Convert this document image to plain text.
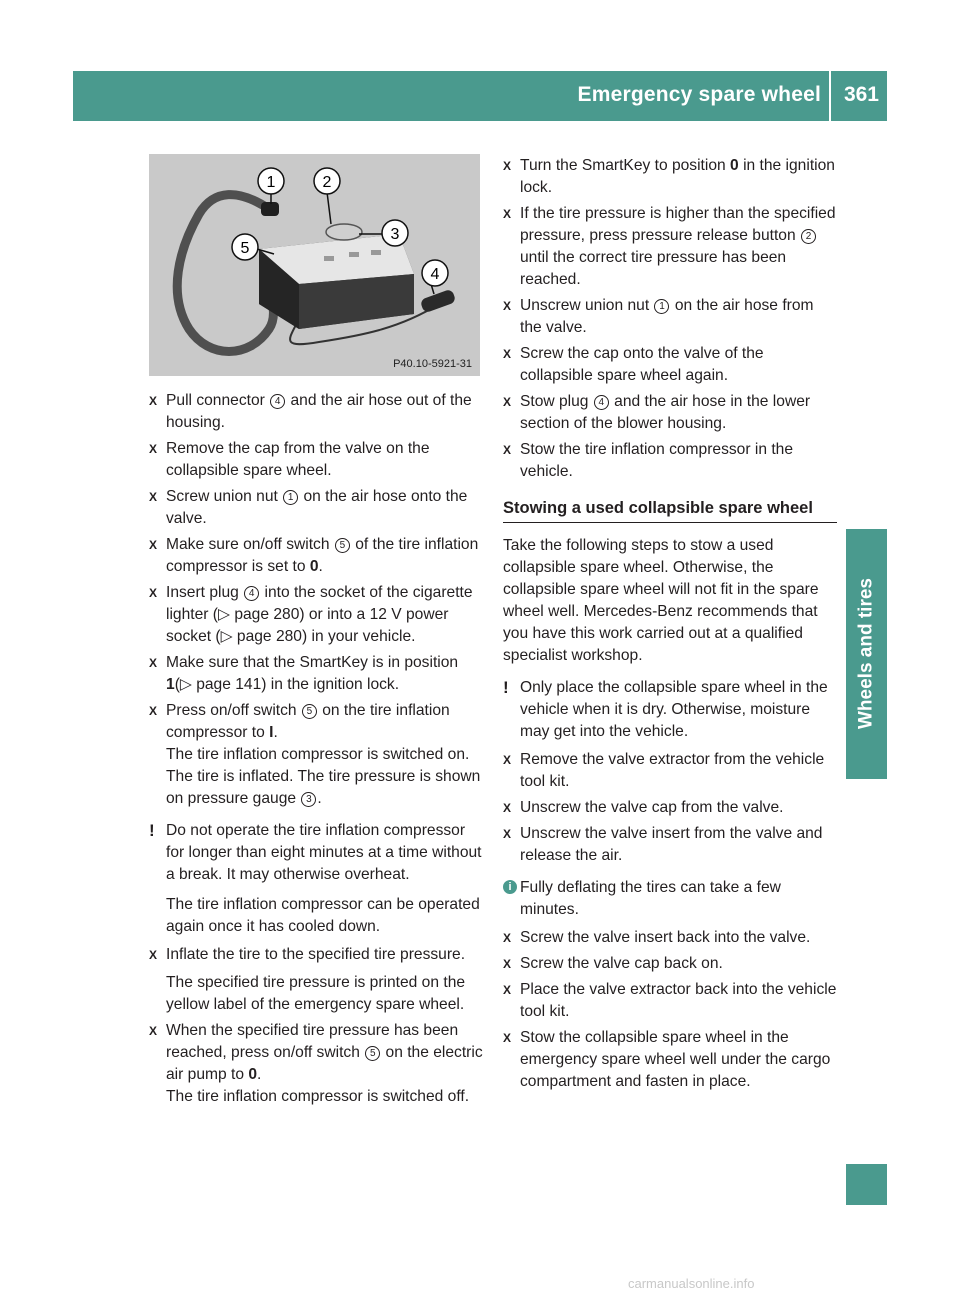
Emergency spare wheel 361
Wheels and tires
1	2
3
4
5
P40.10-5921-31
X Pull connector 4 and the air hose out of the housing.

X Remove the cap from the valve on the collapsible spare wheel.

X Screw union nut 1 on the air hose onto the valve.

X Make sure on/off switch 5 of the tire inflation compressor is set to 0.

X Insert plug 4 into the socket of the cigarette lighter (▷ page 280) or into a 12 V power socket (▷ page 280) in your vehicle.

X Make sure that the SmartKey is in position 1(▷ page 141) in the ignition lock.

X Press on/off switch 5 on the tire inflation compressor to I.

The tire inflation compressor is switched on. The tire is inflated. The tire pressure is shown on pressure gauge 3 .

! Do not operate the tire inflation compressor for longer than eight minutes at a time without a break. It may otherwise overheat.

The tire inflation compressor can be operated again once it has cooled down.

X Inflate the tire to the specified tire pressure.

The specified tire pressure is printed on the yellow label of the emergency spare wheel.

X When the specified tire pressure has been reached, press on/off switch 5 on the electric air pump to 0.

The tire inflation compressor is switched off.

X Turn the SmartKey to position 0 in the ignition lock.

X If the tire pressure is higher than the specified pressure, press pressure release button 2 until the correct tire pressure has been reached.

X Unscrew union nut 1 on the air hose from the valve.

X Screw the cap onto the valve of the collapsible spare wheel again.

X Stow plug 4 and the air hose in the lower section of the blower housing.

X Stow the tire inflation compressor in the vehicle.

Stowing a used collapsible spare wheel

Take the following steps to stow a used collapsible spare wheel. Otherwise, the collapsible spare wheel will not fit in the spare wheel well. Mercedes-Benz recommends that you have this work carried out at a qualified specialist workshop.

! Only place the collapsible spare wheel in the vehicle when it is dry. Otherwise, moisture may get into the vehicle.

X Remove the valve extractor from the vehicle tool kit.

X Unscrew the valve cap from the valve.

X Unscrew the valve insert from the valve and release the air.

i Fully deflating the tires can take a few minutes.

X Screw the valve insert back into the valve.

X Screw the valve cap back on.

X Place the valve extractor back into the vehicle tool kit.

X Stow the collapsible spare wheel in the emergency spare wheel well under the cargo compartment and fasten in place.

carmanualsonline.info
